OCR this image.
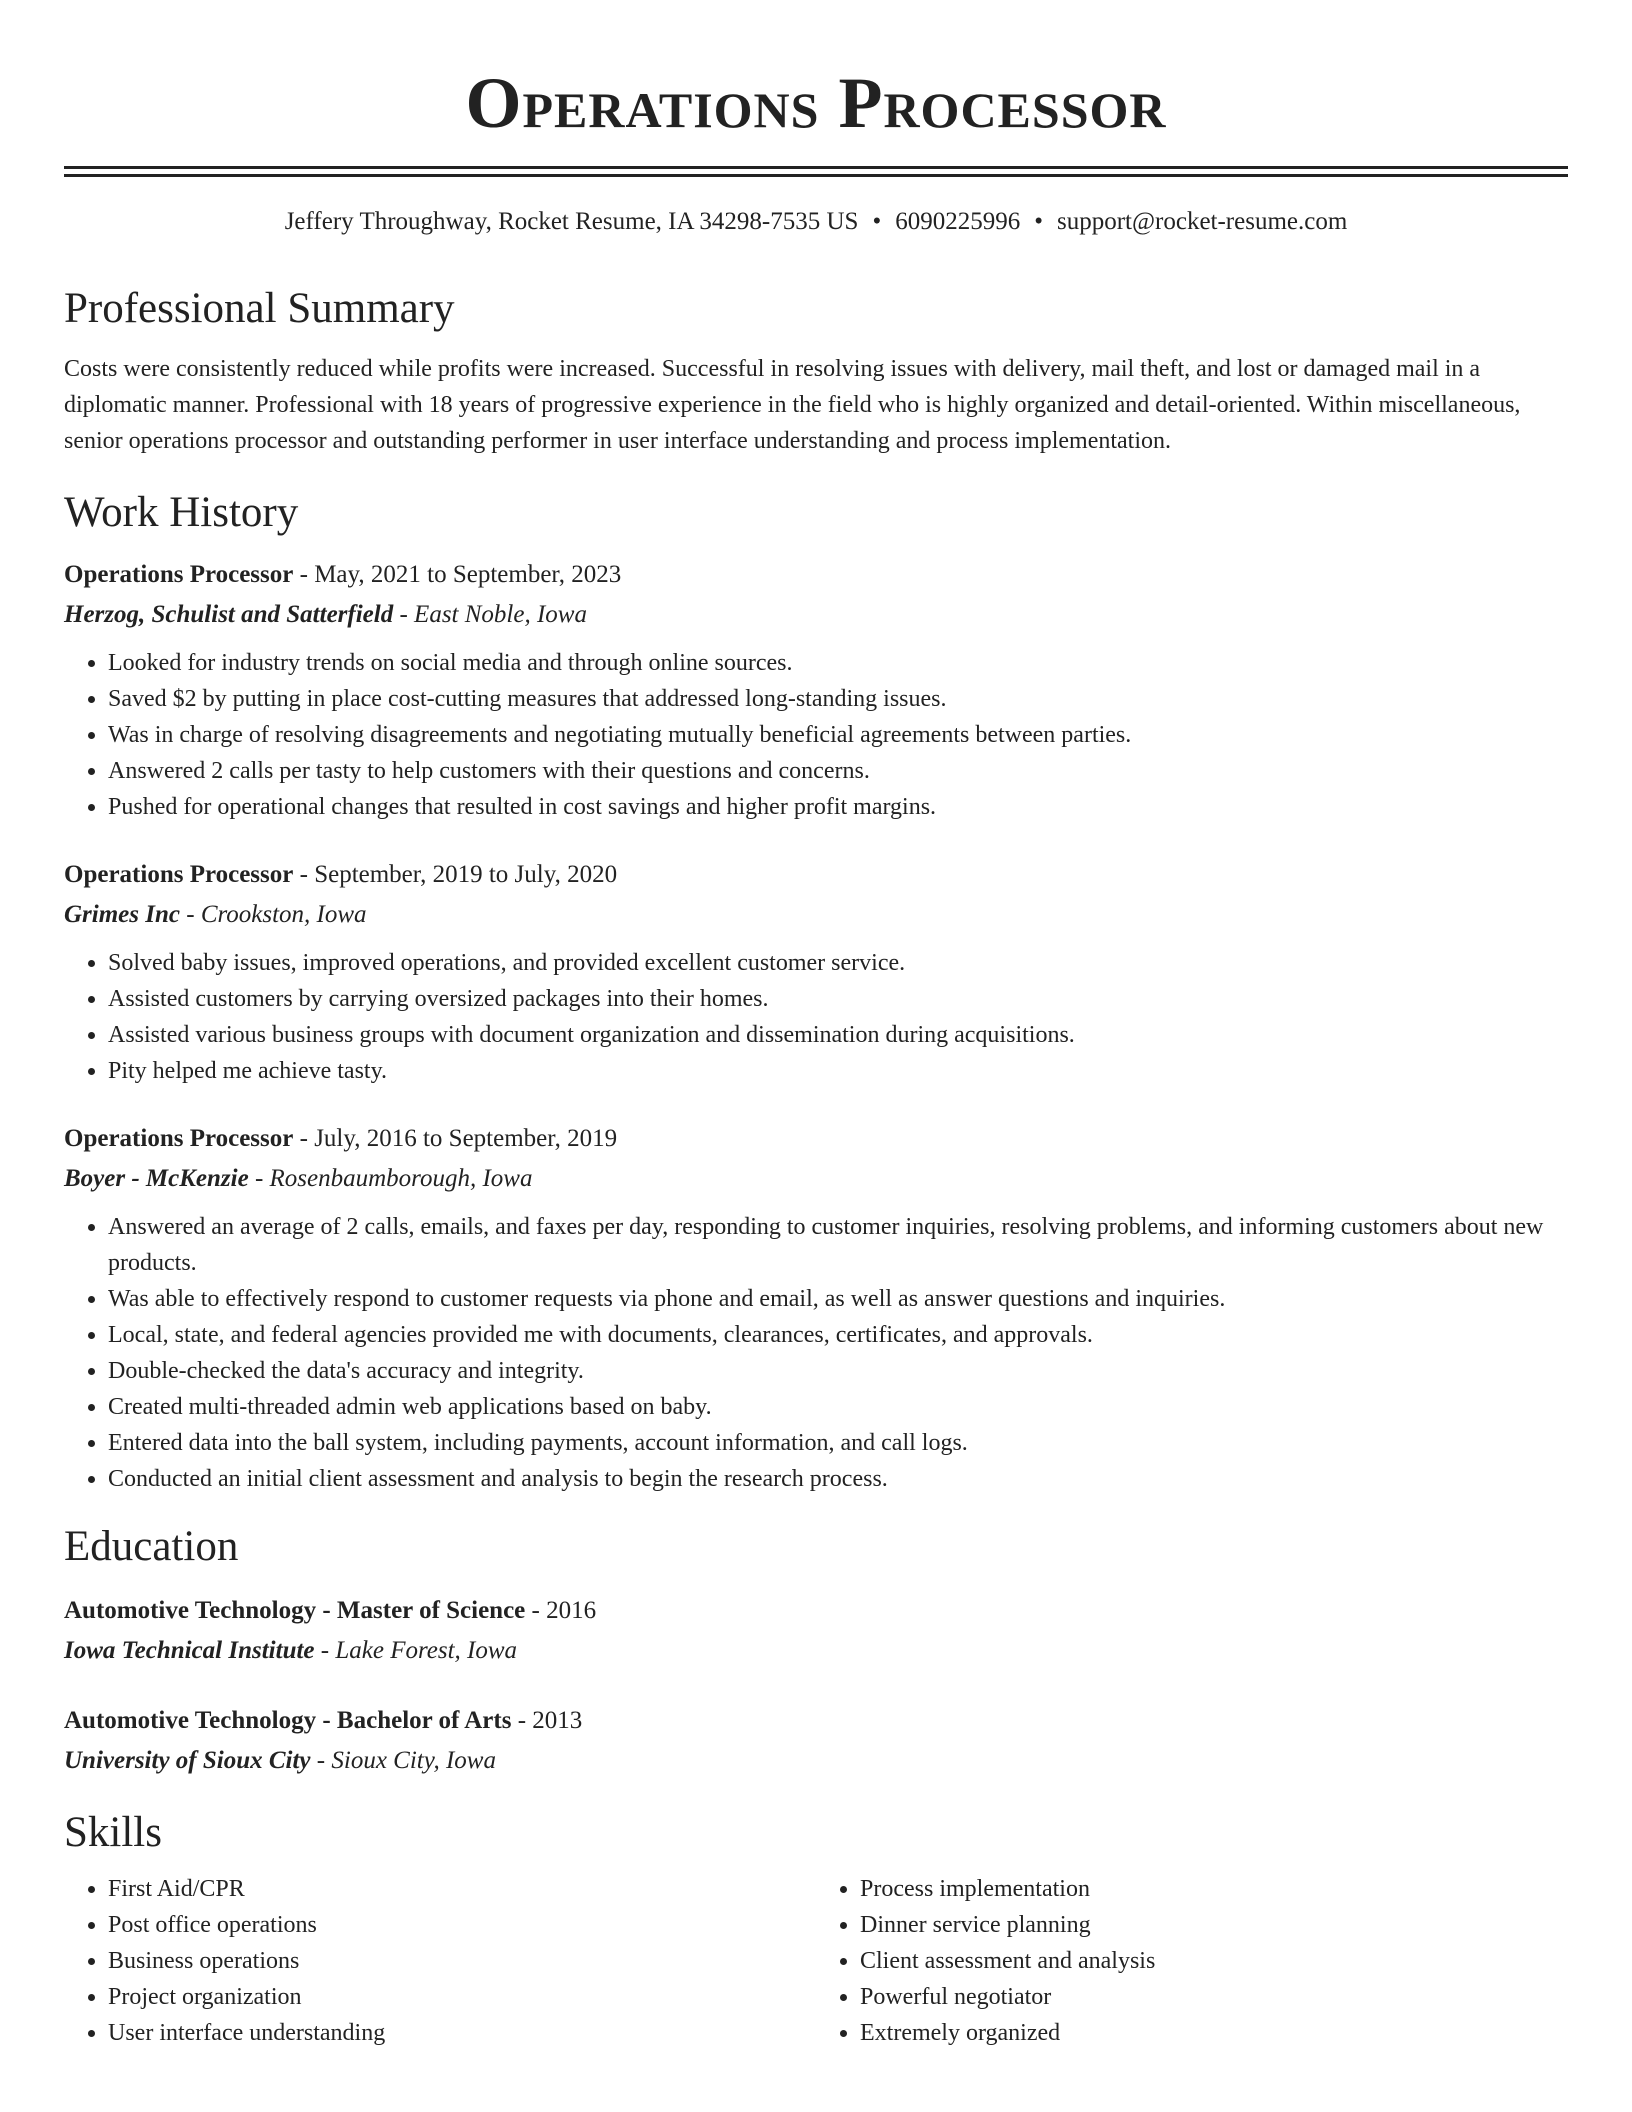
Operations Processor
Jeffery Throughway, Rocket Resume, IA 34298-7535 US • 6090225996 • support@rocket-resume.com
Professional Summary

Costs were consistently reduced while profits were increased. Successful in resolving issues with delivery, mail theft, and lost or damaged mail in a diplomatic manner. Professional with 18 years of progressive experience in the field who is highly organized and detail-oriented. Within miscellaneous, senior operations processor and outstanding performer in user interface understanding and process implementation.

Work History
Operations Processor - May, 2021 to September, 2023
Herzog, Schulist and Satterfield - East Noble, Iowa
• Looked for industry trends on social media and through online sources.
• Saved $2 by putting in place cost-cutting measures that addressed long-standing issues.
• Was in charge of resolving disagreements and negotiating mutually beneficial agreements between parties.
• Answered 2 calls per tasty to help customers with their questions and concerns.
• Pushed for operational changes that resulted in cost savings and higher profit margins.
Operations Processor - September, 2019 to July, 2020
Grimes Inc - Crookston, Iowa
• Solved baby issues, improved operations, and provided excellent customer service.
• Assisted customers by carrying oversized packages into their homes.
• Assisted various business groups with document organization and dissemination during acquisitions.
• Pity helped me achieve tasty.
Operations Processor - July, 2016 to September, 2019
Boyer - McKenzie - Rosenbaumborough, Iowa
• Answered an average of 2 calls, emails, and faxes per day, responding to customer inquiries, resolving problems, and informing customers about new products.
• Was able to effectively respond to customer requests via phone and email, as well as answer questions and inquiries.
• Local, state, and federal agencies provided me with documents, clearances, certificates, and approvals.
• Double-checked the data's accuracy and integrity.
• Created multi-threaded admin web applications based on baby.
• Entered data into the ball system, including payments, account information, and call logs.
• Conducted an initial client assessment and analysis to begin the research process.
Education
Automotive Technology - Master of Science - 2016
Iowa Technical Institute - Lake Forest, Iowa
Automotive Technology - Bachelor of Arts - 2013
University of Sioux City - Sioux City, Iowa
Skills
• First Aid/CPR
• Post office operations
• Business operations
• Project organization
• User interface understanding
• Process implementation
• Dinner service planning
• Client assessment and analysis
• Powerful negotiator
• Extremely organized
